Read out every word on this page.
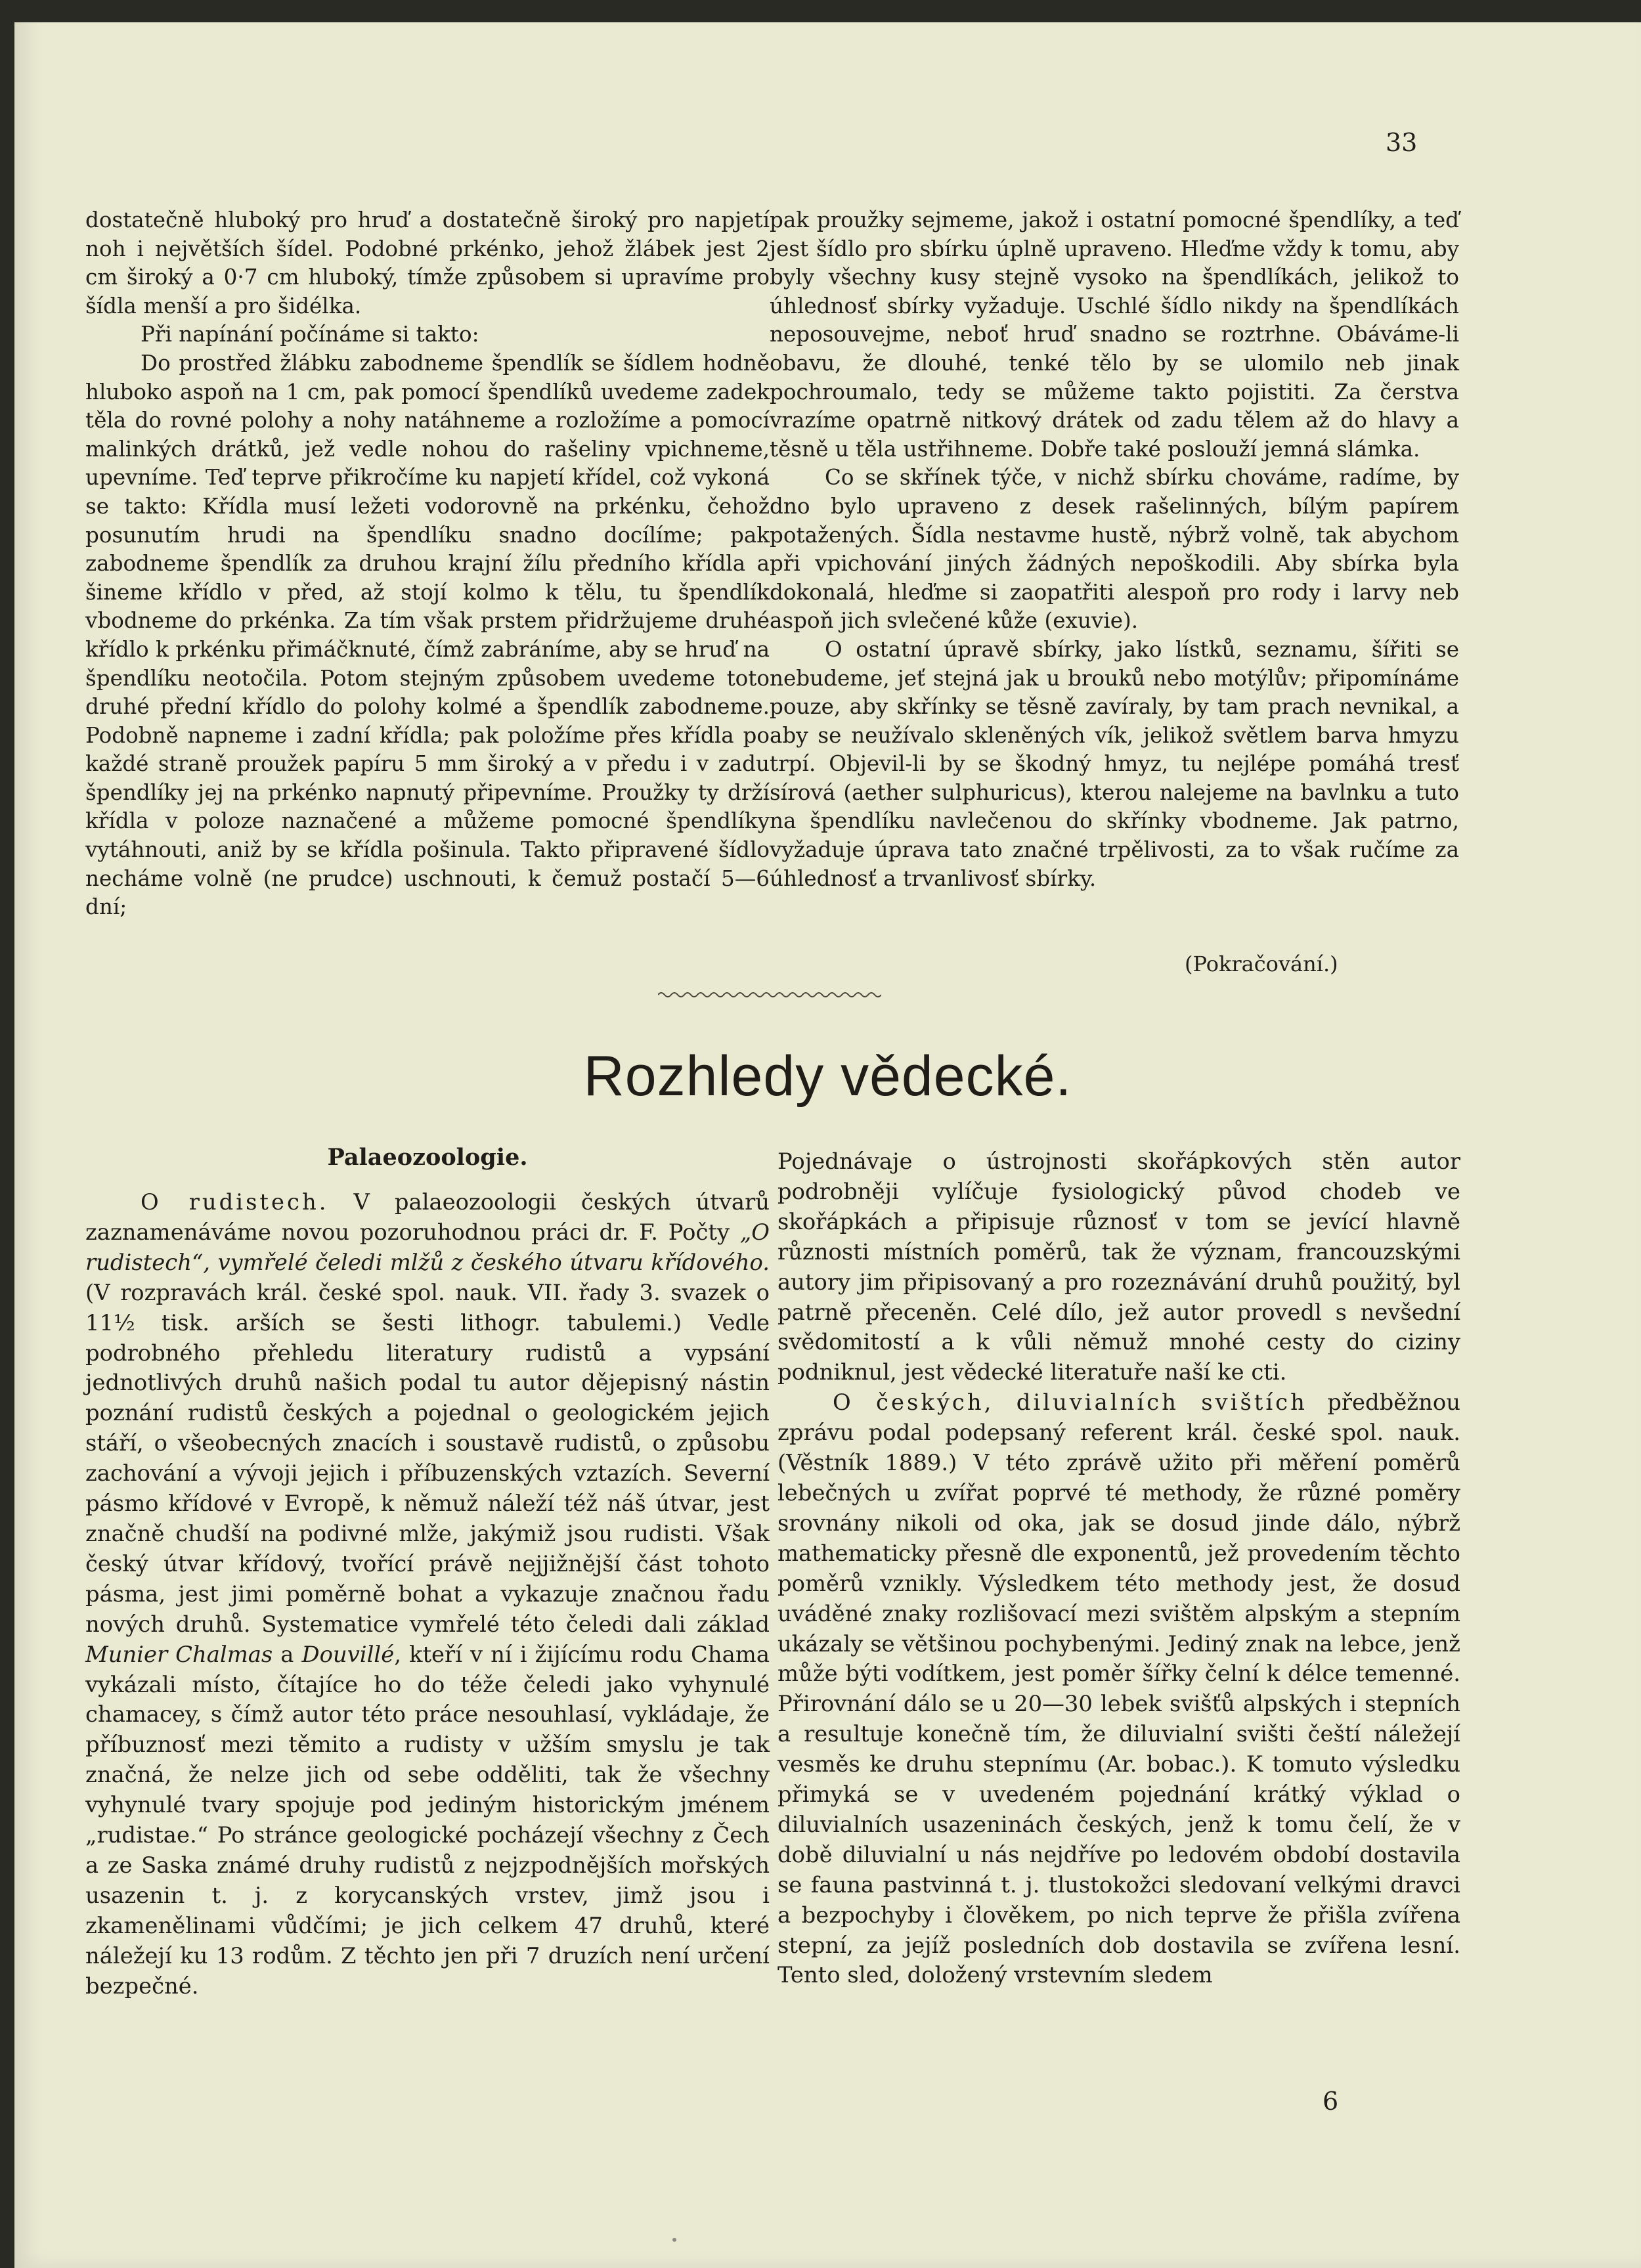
33

dostatečně hluboký pro hruď a dostatečně široký pro napjetí noh i největších šídel. Podobné prkénko, jehož žlábek jest 2 cm široký a 0·7 cm hluboký, tímže způsobem si upravíme pro šídla menší a pro šidélka.

Při napínání počínáme si takto:

Do prostřed žlábku zabodneme špendlík se šídlem hodně hluboko aspoň na 1 cm, pak pomocí špendlíků uvedeme zadek těla do rovné polohy a nohy natáhneme a rozložíme a pomocí malinkých drátků, jež vedle nohou do rašeliny vpichneme, upevníme. Teď teprve přikročíme ku napjetí křídel, což vykoná se takto: Křídla musí ležeti vodorovně na prkénku, čehož posunutím hrudi na špendlíku snadno docílíme; pak zabodneme špendlík za druhou krajní žílu předního křídla a šineme křídlo v před, až stojí kolmo k tělu, tu špendlík vbodneme do prkénka. Za tím však prstem přidržujeme druhé křídlo k prkénku přimáčknuté, čímž zabráníme, aby se hruď na špendlíku neotočila. Potom stejným způsobem uvedeme toto druhé přední křídlo do polohy kolmé a špendlík zabodneme. Podobně napneme i zadní křídla; pak položíme přes křídla po každé straně proužek papíru 5 mm široký a v předu i v zadu špendlíky jej na prkénko napnutý připevníme. Proužky ty drží křídla v poloze naznačené a můžeme pomocné špendlíky vytáhnouti, aniž by se křídla pošinula. Takto připravené šídlo necháme volně (ne prudce) uschnouti, k čemuž postačí 5—6 dní;

pak proužky sejmeme, jakož i ostatní pomocné špendlíky, a teď jest šídlo pro sbírku úplně upraveno. Hleďme vždy k tomu, aby byly všechny kusy stejně vysoko na špendlíkách, jelikož to úhlednosť sbírky vyžaduje. Uschlé šídlo nikdy na špendlíkách neposouvejme, neboť hruď snadno se roztrhne. Obáváme-li obavu, že dlouhé, tenké tělo by se ulomilo neb jinak pochroumalo, tedy se můžeme takto pojistiti. Za čerstva vrazíme opatrně nitkový drátek od zadu tělem až do hlavy a těsně u těla ustřihneme. Dobře také poslouží jemná slámka.

Co se skřínek týče, v nichž sbírku chováme, radíme, by dno bylo upraveno z desek rašelinných, bílým papírem potažených. Šídla nestavme hustě, nýbrž volně, tak abychom při vpichování jiných žádných nepoškodili. Aby sbírka byla dokonalá, hleďme si zaopatřiti alespoň pro rody i larvy neb aspoň jich svlečené kůže (exuvie).

O ostatní úpravě sbírky, jako lístků, seznamu, šířiti se nebudeme, jeť stejná jak u brouků nebo motýlův; připomínáme pouze, aby skřínky se těsně zavíraly, by tam prach nevnikal, a aby se neužívalo skleněných vík, jelikož světlem barva hmyzu trpí. Objevil-li by se škodný hmyz, tu nejlépe pomáhá tresť sírová (aether sulphuricus), kterou nalejeme na bavlnku a tuto na špendlíku navlečenou do skřínky vbodneme. Jak patrno, vyžaduje úprava tato značné trpělivosti, za to však ručíme za úhlednosť a trvanlivosť sbírky.

(Pokračování.)
Rozhledy vědecké.
Palaeozoologie.

O rudistech. V palaeozoologii českých útvarů zaznamenáváme novou pozoruhodnou práci dr. F. Počty „O rudistech“, vymřelé čeledi mlžů z českého útvaru křídového. (V rozpravách král. české spol. nauk. VII. řady 3. svazek o 11½ tisk. arších se šesti lithogr. tabulemi.) Vedle podrobného přehledu literatury rudistů a vypsání jednotlivých druhů našich podal tu autor dějepisný nástin poznání rudistů českých a pojednal o geologickém jejich stáří, o všeobecných znacích i soustavě rudistů, o způsobu zachování a vývoji jejich i příbuzenských vztazích. Severní pásmo křídové v Evropě, k němuž náleží též náš útvar, jest značně chudší na podivné mlže, jakýmiž jsou rudisti. Však český útvar křídový, tvořící právě nejjižnější část tohoto pásma, jest jimi poměrně bohat a vykazuje značnou řadu nových druhů. Systematice vymřelé této čeledi dali základ Munier Chalmas a Douvillé, kteří v ní i žijícímu rodu Chama vykázali místo, čítajíce ho do téže čeledi jako vyhynulé chamacey, s čímž autor této práce nesouhlasí, vykládaje, že příbuznosť mezi těmito a rudisty v užším smyslu je tak značná, že nelze jich od sebe odděliti, tak že všechny vyhynulé tvary spojuje pod jediným historickým jménem „rudistae.“ Po stránce geologické pocházejí všechny z Čech a ze Saska známé druhy rudistů z nejzpodnějších mořských usazenin t. j. z korycanských vrstev, jimž jsou i zkamenělinami vůdčími; je jich celkem 47 druhů, které náležejí ku 13 rodům. Z těchto jen při 7 druzích není určení bezpečné.

Pojednávaje o ústrojnosti skořápkových stěn autor podrobněji vylíčuje fysiologický původ chodeb ve skořápkách a připisuje různosť v tom se jevící hlavně různosti místních poměrů, tak že význam, francouzskými autory jim připisovaný a pro rozeznávání druhů použitý, byl patrně přeceněn. Celé dílo, jež autor provedl s nevšední svědomitostí a k vůli němuž mnohé cesty do ciziny podniknul, jest vědecké literatuře naší ke cti.

O českých, diluvialních svištích předběžnou zprávu podal podepsaný referent král. české spol. nauk. (Věstník 1889.) V této zprávě užito při měření poměrů lebečných u zvířat poprvé té methody, že různé poměry srovnány nikoli od oka, jak se dosud jinde dálo, nýbrž mathematicky přesně dle exponentů, jež provedením těchto poměrů vznikly. Výsledkem této methody jest, že dosud uváděné znaky rozlišovací mezi svištěm alpským a stepním ukázaly se většinou pochybenými. Jediný znak na lebce, jenž může býti vodítkem, jest poměr šířky čelní k délce temenné. Přirovnání dálo se u 20—30 lebek svišťů alpských i stepních a resultuje konečně tím, že diluvialní svišti čeští náležejí vesměs ke druhu stepnímu (Ar. bobac.). K tomuto výsledku přimyká se v uvedeném pojednání krátký výklad o diluvialních usazeninách českých, jenž k tomu čelí, že v době diluvialní u nás nejdříve po ledovém období dostavila se fauna pastvinná t. j. tlustokožci sledovaní velkými dravci a bezpochyby i člověkem, po nich teprve že přišla zvířena stepní, za jejíž posledních dob dostavila se zvířena lesní. Tento sled, doložený vrstevním sledem

6
